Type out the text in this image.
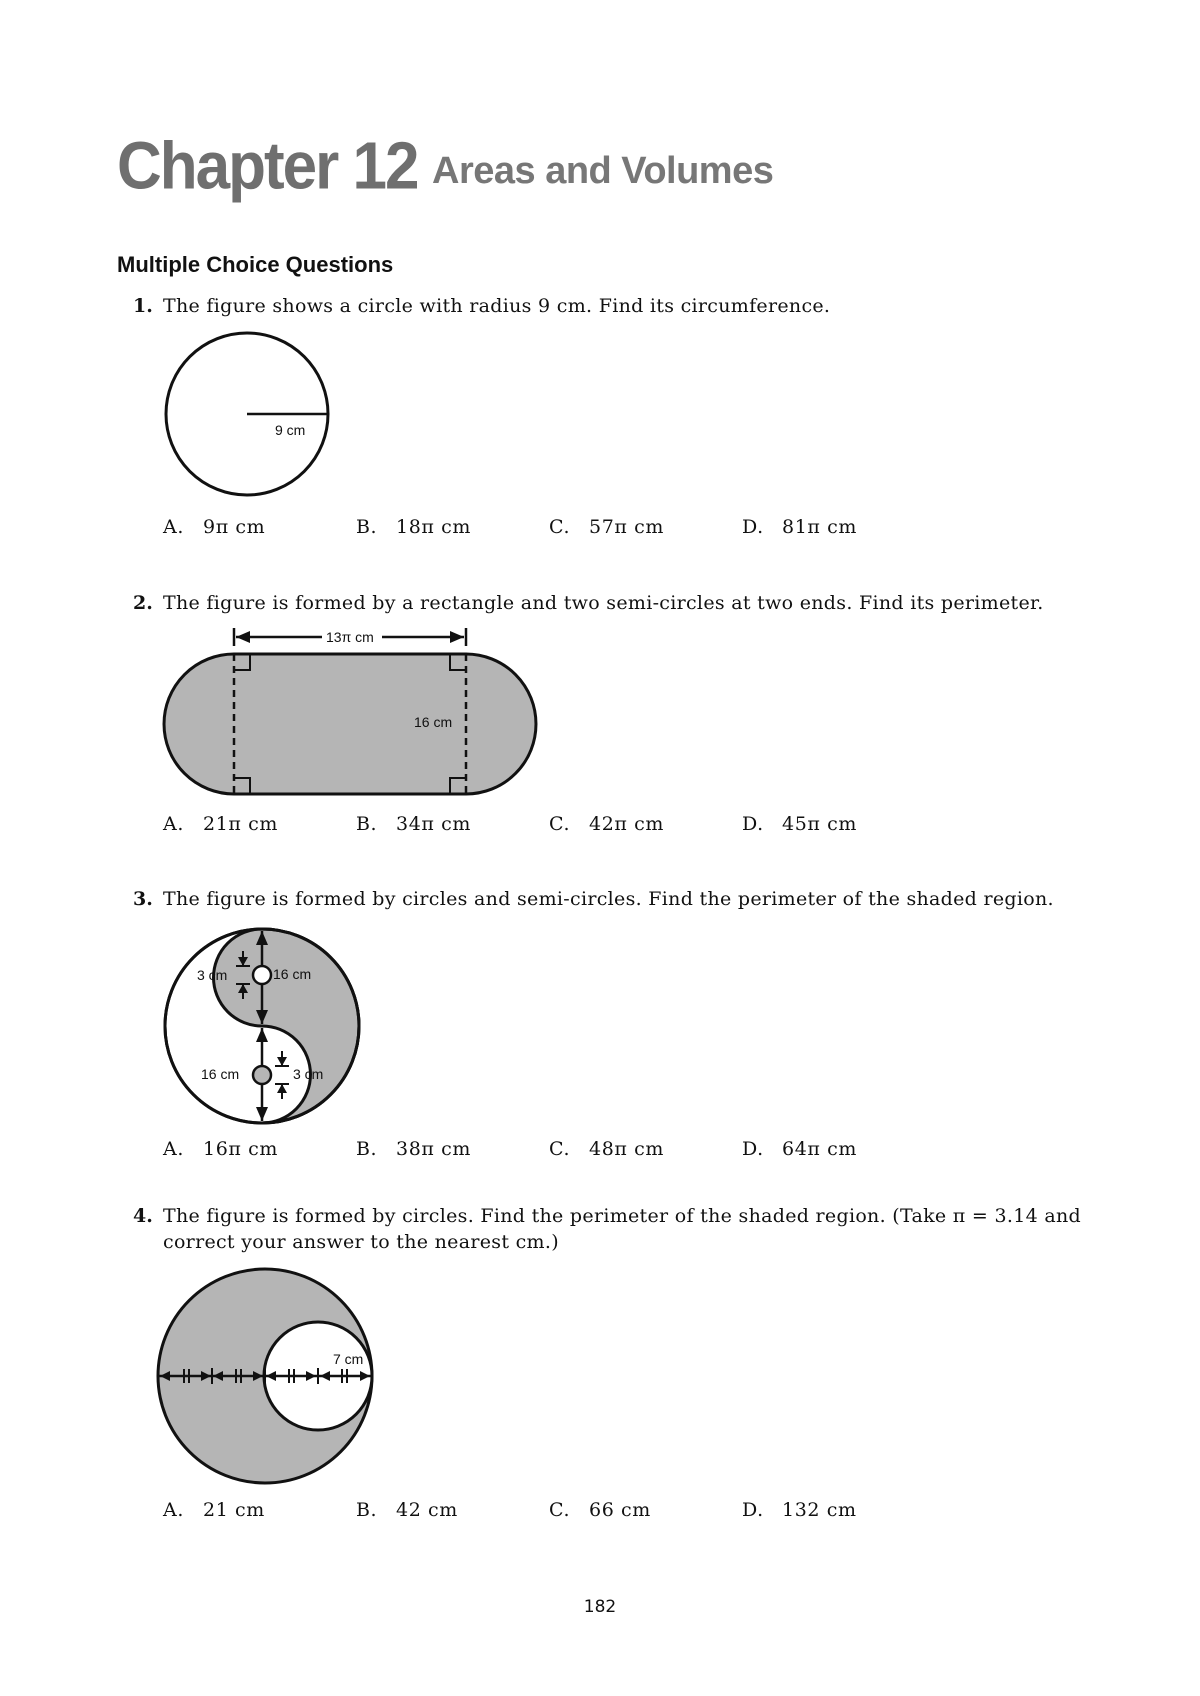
Chapter 12 Areas and Volumes
Multiple Choice Questions
1. The figure shows a circle with radius 9 cm. Find its circumference.
9 cm
A. 9π cm	B. 18π cm	C. 57π cm	D. 81π cm
2. The figure is formed by a rectangle and two semi-circles at two ends. Find its perimeter.
13π cm
16 cm
A. 21π cm	B. 34π cm	C. 42π cm	D. 45π cm
3. The figure is formed by circles and semi-circles. Find the perimeter of the shaded region.
3 cm	16 cm
16 cm	3 cm
A. 16π cm	B. 38π cm	C. 48π cm	D. 64π cm
4. The figure is formed by circles. Find the perimeter of the shaded region. (Take π = 3.14 and
correct your answer to the nearest cm.)
7 cm
A. 21 cm	B. 42 cm	C. 66 cm	D. 132 cm
182
